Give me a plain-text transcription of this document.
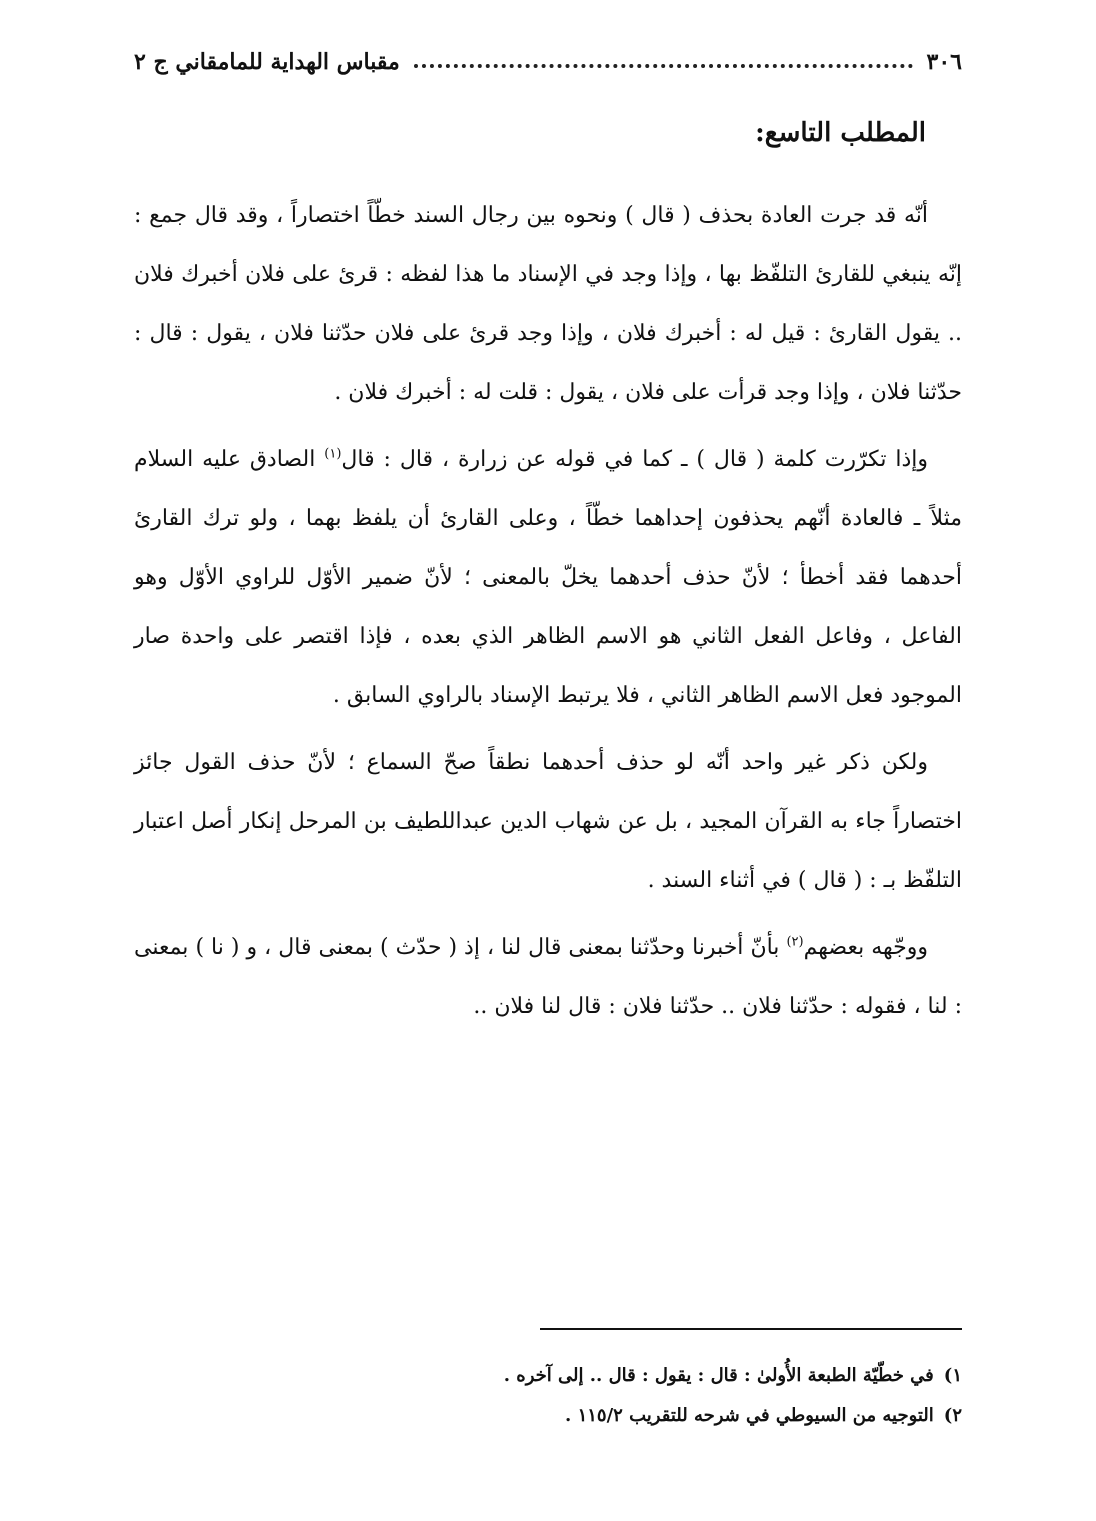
٣٠٦
مقباس الهداية للمامقاني ج ٢
المطلب التاسع:

أنّه قد جرت العادة بحذف ( قال ) ونحوه بين رجال السند خطّاً اختصاراً ، وقد قال جمع : إنّه ينبغي للقارئ التلفّظ بها ، وإذا وجد في الإسناد ما هذا لفظه : قرئ على فلان أخبرك فلان .. يقول القارئ : قيل له : أخبرك فلان ، وإذا وجد قرئ على فلان حدّثنا فلان ، يقول : قال : حدّثنا فلان ، وإذا وجد قرأت على فلان ، يقول : قلت له : أخبرك فلان .

وإذا تكرّرت كلمة ( قال ) ـ كما في قوله عن زرارة ، قال : قال$^{(١)}$ الصادق عليه السلام مثلاً ـ فالعادة أنّهم يحذفون إحداهما خطّاً ، وعلى القارئ أن يلفظ بهما ، ولو ترك القارئ أحدهما فقد أخطأ ؛ لأنّ حذف أحدهما يخلّ بالمعنى ؛ لأنّ ضمير الأوّل للراوي الأوّل وهو الفاعل ، وفاعل الفعل الثاني هو الاسم الظاهر الذي بعده ، فإذا اقتصر على واحدة صار الموجود فعل الاسم الظاهر الثاني ، فلا يرتبط الإسناد بالراوي السابق .

ولكن ذكر غير واحد أنّه لو حذف أحدهما نطقاً صحّ السماع ؛ لأنّ حذف القول جائز اختصاراً جاء به القرآن المجيد ، بل عن شهاب الدين عبداللطيف بن المرحل إنكار أصل اعتبار التلفّظ بـ : ( قال ) في أثناء السند .

ووجّهه بعضهم$^{(٢)}$ بأنّ أخبرنا وحدّثنا بمعنى قال لنا ، إذ ( حدّث ) بمعنى قال ، و ( نا ) بمعنى : لنا ، فقوله : حدّثنا فلان .. حدّثنا فلان : قال لنا فلان ..

١)في خطّيّة الطبعة الأُولىٰ : قال : يقول : قال .. إلى آخره .

٢)التوجيه من السيوطي في شرحه للتقريب ١١٥/٢ .
